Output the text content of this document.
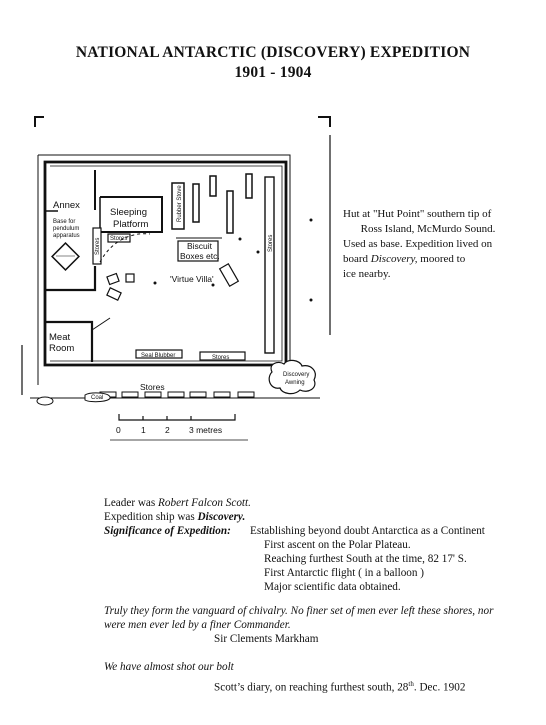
NATIONAL ANTARCTIC (DISCOVERY) EXPEDITION
1901 - 1904
Annex
Base for
pendulum
apparatus
Sleeping
Platform
Rubber Stove
Stores Stores
Biscuit
Boxes etc.
'Virtue Villa'
Stores
Meat
Room
Seal Blubber	Stores
Discovery
Awning
Stores
Coal
0 1 2 3 metres
Hut at "Hut Point" southern tip of
Ross Island, McMurdo Sound.
Used as base. Expedition lived on
board Discovery, moored to
ice nearby.
Leader was Robert Falcon Scott.
Expedition ship was Discovery.
Significance of Expedition: Establishing beyond doubt Antarctica as a Continent
First ascent on the Polar Plateau.
Reaching furthest South at the time, 82 17' S.
First Antarctic flight ( in a balloon )
Major scientific data obtained.
Truly they form the vanguard of chivalry. No finer set of men ever left these shores, nor
were men ever led by a finer Commander.
Sir Clements Markham
We have almost shot our bolt
Scott’s diary, on reaching furthest south, 28th. Dec. 1902
